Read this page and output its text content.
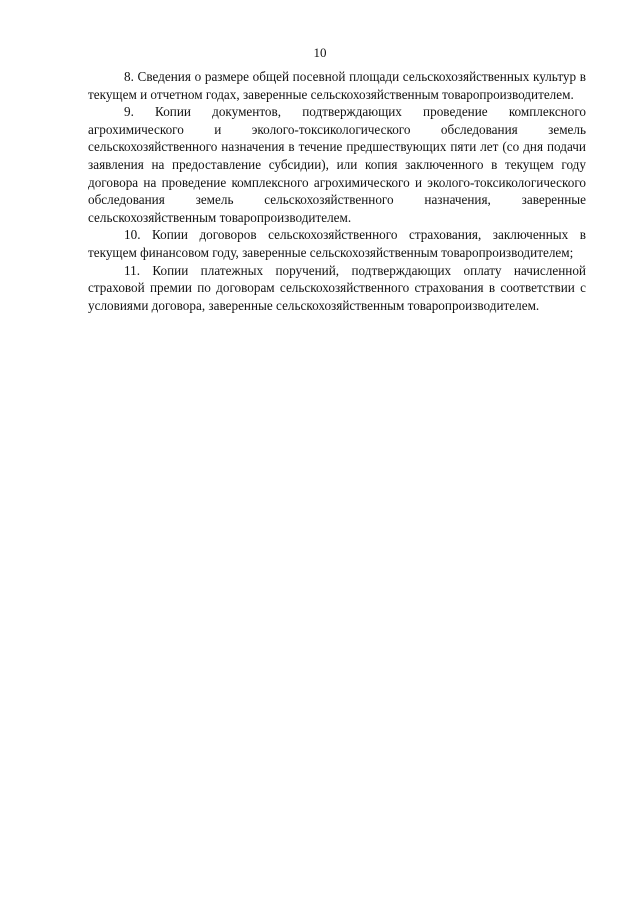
10

8. Сведения о размере общей посевной площади сельскохозяйственных культур в текущем и отчетном годах, заверенные сельскохозяйственным товаропроизводителем.

9. Копии документов, подтверждающих проведение комплексного агрохимического и эколого-токсикологического обследования земель сельскохозяйственного назначения в течение предшествующих пяти лет (со дня подачи заявления на предоставление субсидии), или копия заключенного в текущем году договора на проведение комплексного агрохимического и эколого-токсикологического обследования земель сельскохозяйственного назначения, заверенные сельскохозяйственным товаропроизводителем.

10. Копии договоров сельскохозяйственного страхования, заключенных в текущем финансовом году, заверенные сельскохозяйственным товаропроизводителем;

11. Копии платежных поручений, подтверждающих оплату начисленной страховой премии по договорам сельскохозяйственного страхования в соответствии с условиями договора, заверенные сельскохозяйственным товаропроизводителем.
